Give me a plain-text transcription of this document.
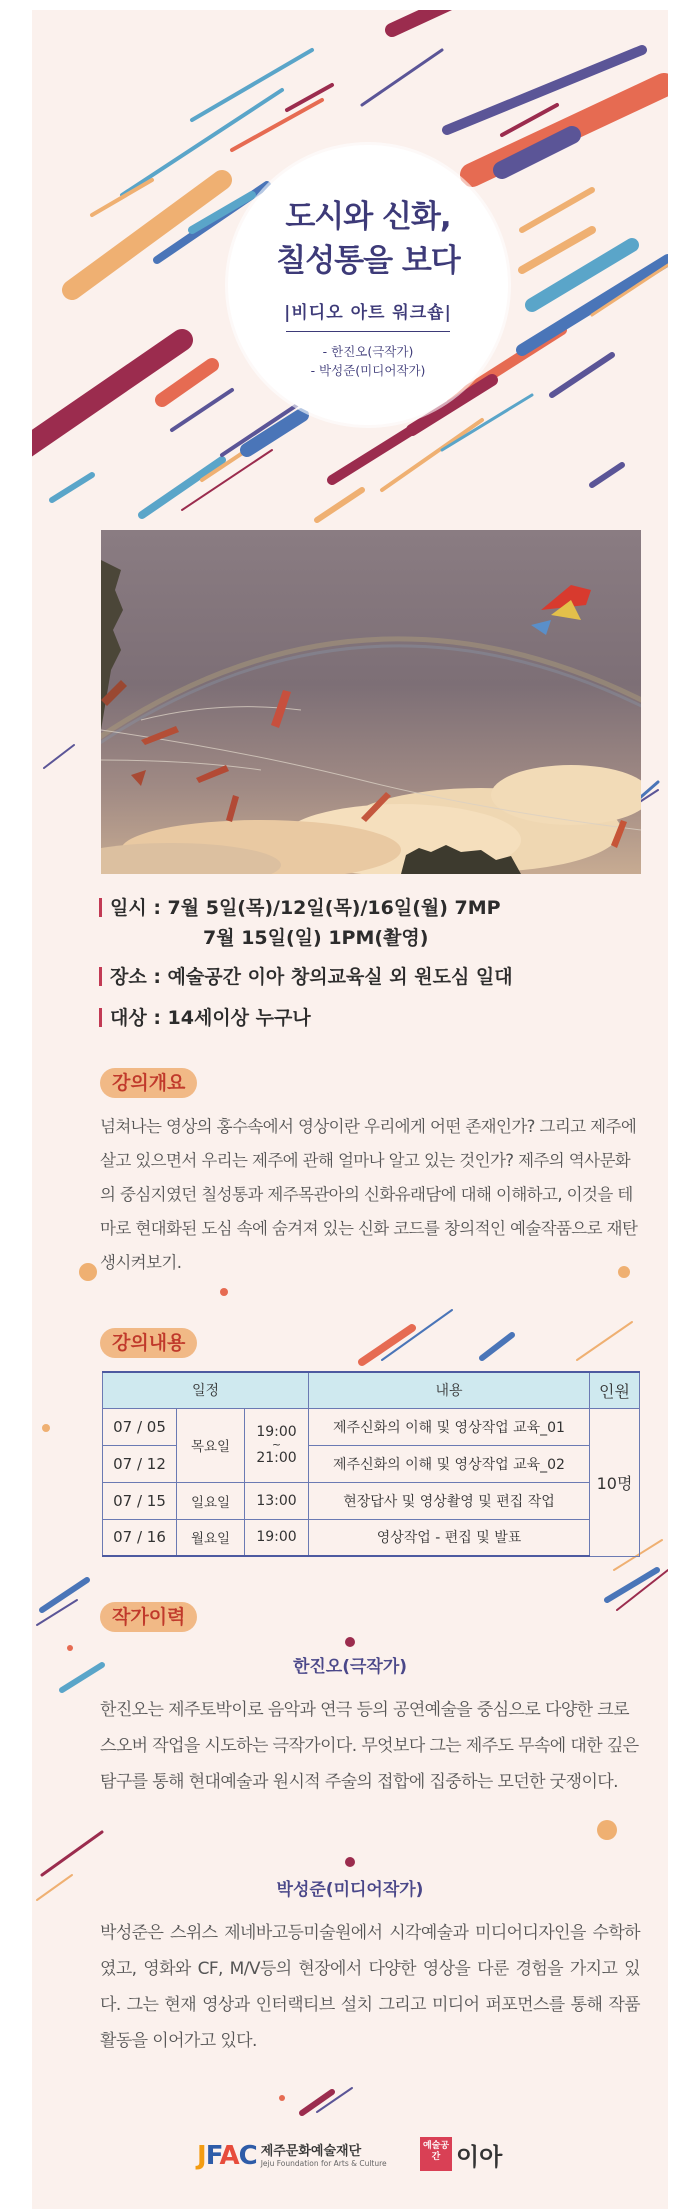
도시와 신화,
칠성통을 보다
|비디오 아트 워크숍|
- 한진오(극작가)
- 박성준(미디어작가)
일시 : 7월 5일(목)/12일(목)/16일(월) 7MP
7월 15일(일) 1PM(촬영)
장소 : 예술공간 이아 창의교육실 외 원도심 일대
대상 : 14세이상 누구나
강의개요
넘쳐나는 영상의 홍수속에서 영상이란 우리에게 어떤 존재인가? 그리고 제주에 살고 있으면서 우리는 제주에 관해 얼마나 알고 있는 것인가? 제주의 역사문화의 중심지였던 칠성통과 제주목관아의 신화유래담에 대해 이해하고, 이것을 테마로 현대화된 도심 속에 숨겨져 있는 신화 코드를 창의적인 예술작품으로 재탄생시켜보기.
강의내용
일정			내용	인원
07 / 05	목요일	19:00
~
21:00	제주신화의 이해 및 영상작업 교육_01	10명
07 / 12			제주신화의 이해 및 영상작업 교육_02	
07 / 15	일요일	13:00	현장답사 및 영상촬영 및 편집 작업	
07 / 16	월요일	19:00	영상작업 - 편집 및 발표	
작가이력
한진오(극작가)
한진오는 제주토박이로 음악과 연극 등의 공연예술을 중심으로 다양한 크로스오버 작업을 시도하는 극작가이다. 무엇보다 그는 제주도 무속에 대한 깊은 탐구를 통해 현대예술과 원시적 주술의 접합에 집중하는 모던한 굿쟁이다.
박성준(미디어작가)
박성준은 스위스 제네바고등미술원에서 시각예술과 미디어디자인을 수학하였고, 영화와 CF, M/V등의 현장에서 다양한 영상을 다룬 경험을 가지고 있다. 그는 현재 영상과 인터랙티브 설치 그리고 미디어 퍼포먼스를 통해 작품활동을 이어가고 있다.
JFAC 제주문화예술재단
Jeju Foundation for Arts & Culture
예술공간 이아
